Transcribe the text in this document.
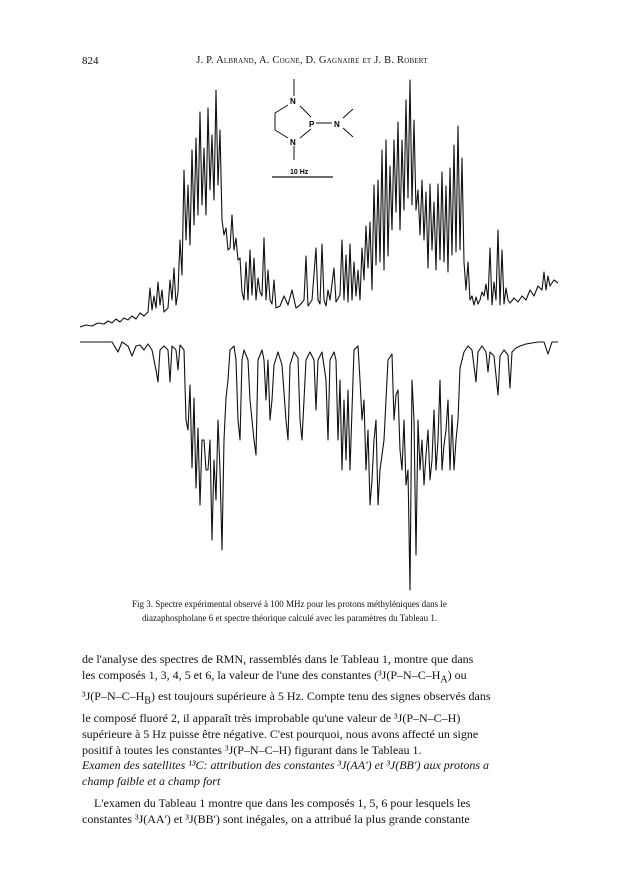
824	J. P. Albrand, A. Cogne, D. Gagnaire et J. B. Robert
N
P N
N
10 Hz
Fig 3. Spectre expérimental observé à 100 MHz pour les protons méthyléniques dans le
diazaphospholane 6 et spectre théorique calculé avec les paramètres du Tableau 1.
de l'analyse des spectres de RMN, rassemblés dans le Tableau 1, montre que dans
les composés 1, 3, 4, 5 et 6, la valeur de l'une des constantes ($^3J(P-N-C-H_A)$ ou
$^3J(P-N-C-H_B)$ est toujours supérieure à 5 Hz. Compte tenu des signes observés dans
le composé fluoré 2, il apparaît très improbable qu'une valeur de ³J(P–N–C–H)
supérieure à 5 Hz puisse être négative. C'est pourquoi, nous avons affecté un signe
positif à toutes les constantes ³J(P–N–C–H) figurant dans le Tableau 1.
Examen des satellites ¹³C: attribution des constantes ³J(AA') et ³J(BB') aux protons a
champ faible et a champ fort
L'examen du Tableau 1 montre que dans les composés 1, 5, 6 pour lesquels les
constantes ³J(AA') et ³J(BB') sont inégales, on a attribué la plus grande constante
